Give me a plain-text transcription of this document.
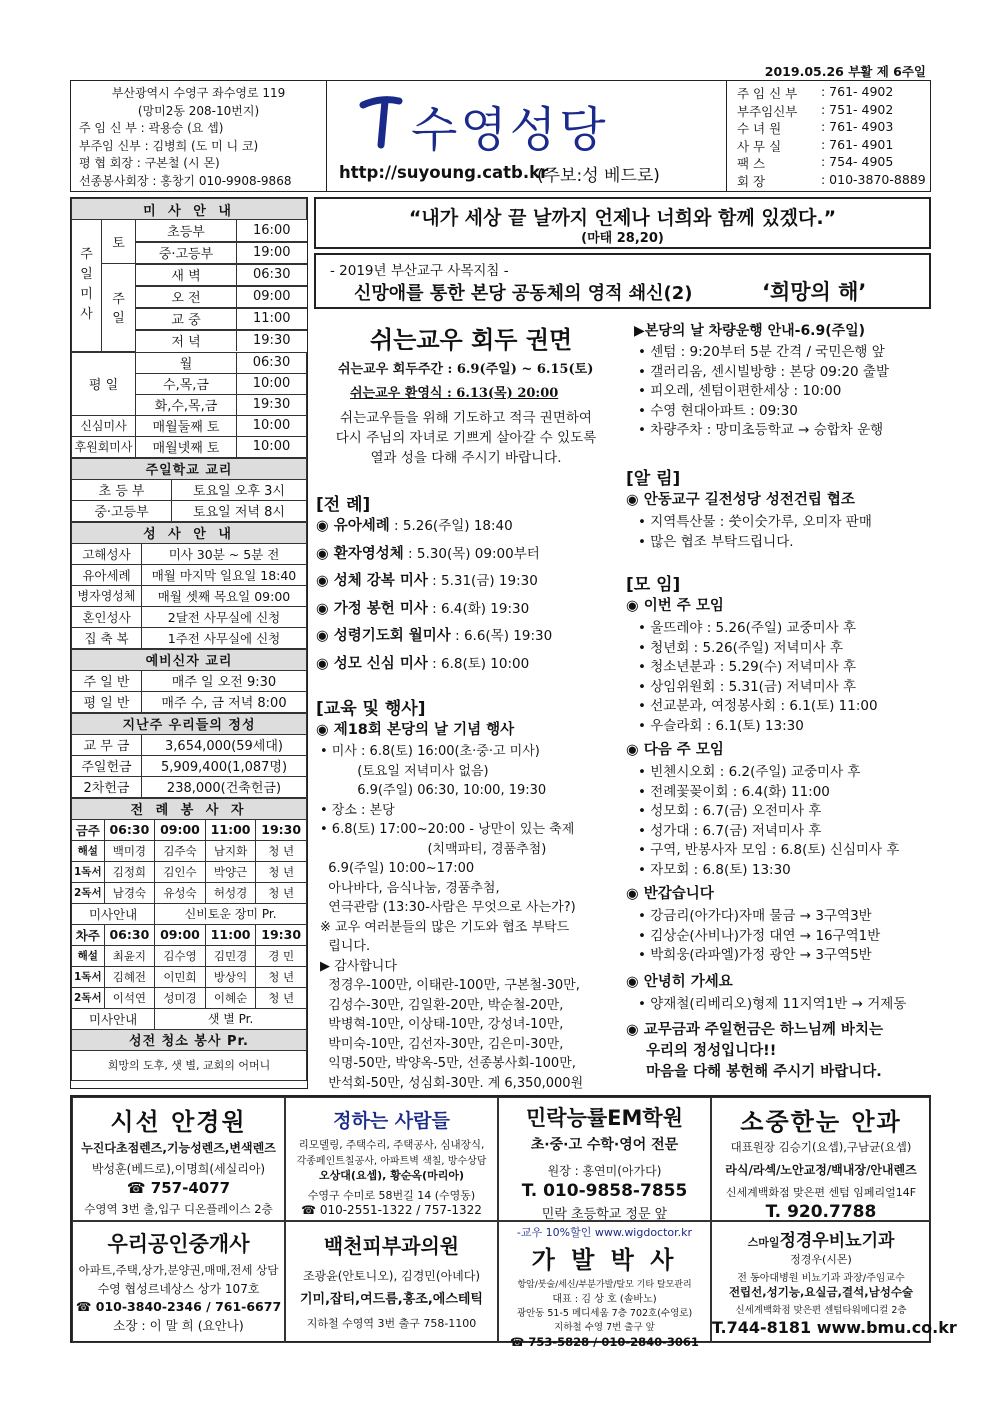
2019.05.26 부활 제 6주일
부산광역시 수영구 좌수영로 119
(망미2동 208-10번지)
주 임 신 부 : 곽용승 (요 셉)
부주임 신부 : 김병희 (도 미 니 코)
평 협 회장 : 구본철 (시 몬)
선종봉사회장 : 홍창기 010-9908-9868
수영성당
http://suyoung.catb.kr
(주보:성 베드로)
주 임 신 부	: 761- 4902
부주임신부	: 751- 4902
수 녀 원	: 761- 4903
사 무 실	: 761- 4901
팩 스	: 754- 4905
회 장	: 010-3870-8889
미 사 안 내

주일미사
	토	
초등부	16:00

중·고등부	19:00

주일

새 벽	06:30

오 전	09:00

교 중	11:00

저 녁	19:30
평 일	월	06:30
	수,목,금	10:00
	화,수,목,금	19:30
신심미사	매월둘째 토	10:00
후원회미사	매월넷째 토	10:00
주일학교 교리	
초 등 부	토요일 오후 3시
중·고등부	토요일 저녁 8시
성 사 안 내	
고해성사	미사 30분 ~ 5분 전
유아세례	매월 마지막 일요일 18:40
병자영성체	매월 셋째 목요일 09:00
혼인성사	2달전 사무실에 신청
집 축 복	1주전 사무실에 신청
예비신자 교리	
주 일 반	매주 일 오전 9:30
평 일 반	매주 수, 금 저녁 8:00
지난주 우리들의 정성	
교 무 금	3,654,000(59세대)
주일헌금	5,909,400(1,087명)
2차헌금	238,000(건축헌금)
전 례 봉 사 자				
금주	06:30	09:00	11:00	19:30
해설	백미경	김주숙	남지화	청 년
1독서	김정희	김인수	박양근	청 년
2독서	남경숙	유성숙	허성경	청 년
미사안내		신비토운 장미 Pr.		
차주	06:30	09:00	11:00	19:30
해설	최윤지	김수영	김민경	경 민
1독서	김혜전	이민희	방상익	청 년
2독서	이석연	성미경	이혜순	청 년
미사안내		샛 별 Pr.		
성전 청소 봉사 Pr.				
희망의 도후, 샛 별, 교회의 어머니				
“내가 세상 끝 날까지 언제나 너희와 함께 있겠다.”
(마태 28,20)
- 2019년 부산교구 사목지침 -
신망애를 통한 본당 공동체의 영적 쇄신(2)	‘희망의 해’
쉬는교우 회두 권면
쉬는교우 회두주간 : 6.9(주일) ~ 6.15(토)
쉬는교우 환영식 : 6.13(목) 20:00
쉬는교우들을 위해 기도하고 적극 권면하여
다시 주님의 자녀로 기쁘게 살아갈 수 있도록
열과 성을 다해 주시기 바랍니다.
[전 례]
◉ 유아세례 : 5.26(주일) 18:40
◉ 환자영성체 : 5.30(목) 09:00부터
◉ 성체 강복 미사 : 5.31(금) 19:30
◉ 가정 봉헌 미사 : 6.4(화) 19:30
◉ 성령기도회 월미사 : 6.6(목) 19:30
◉ 성모 신심 미사 : 6.8(토) 10:00
[교육 및 행사]
◉ 제18회 본당의 날 기념 행사
• 미사 : 6.8(토) 16:00(초·중·고 미사)
(토요일 저녁미사 없음)
6.9(주일) 06:30, 10:00, 19:30
• 장소 : 본당
• 6.8(토) 17:00~20:00 - 낭만이 있는 축제
(치맥파티, 경품추첨)
6.9(주일) 10:00~17:00
아나바다, 음식나눔, 경품추첨,
연극관람 (13:30-사람은 무엇으로 사는가?)
※ 교우 여러분들의 많은 기도와 협조 부탁드
립니다.
▶ 감사합니다
정경우-100만, 이태란-100만, 구본철-30만,
김성수-30만, 김일환-20만, 박순철-20만,
박병혁-10만, 이상태-10만, 강성녀-10만,
박미숙-10만, 김선자-30만, 김은미-30만,
익명-50만, 박양옥-5만, 선종봉사회-100만,
반석회-50만, 성심회-30만. 계 6,350,000원
▶본당의 날 차량운행 안내-6.9(주일)
• 센텀 : 9:20부터 5분 간격 / 국민은행 앞
• 갤러리움, 센시빌방향 : 본당 09:20 출발
• 피오레, 센텀이편한세상 : 10:00
• 수영 현대아파트 : 09:30
• 차량주차 : 망미초등학교 → 승합차 운행
[알 림]
◉ 안동교구 길전성당 성전건립 협조
• 지역특산물 : 쑷이숫가루, 오미자 판매
• 많은 협조 부탁드립니다.
[모 임]
◉ 이번 주 모임
• 울뜨레야 : 5.26(주일) 교중미사 후
• 청년회 : 5.26(주일) 저녁미사 후
• 청소년분과 : 5.29(수) 저녁미사 후
• 상임위원회 : 5.31(금) 저녁미사 후
• 선교분과, 여정봉사회 : 6.1(토) 11:00
• 우슬라회 : 6.1(토) 13:30
◉ 다음 주 모임
• 빈첸시오회 : 6.2(주일) 교중미사 후
• 전례꽃꽂이회 : 6.4(화) 11:00
• 성모회 : 6.7(금) 오전미사 후
• 성가대 : 6.7(금) 저녁미사 후
• 구역, 반봉사자 모임 : 6.8(토) 신심미사 후
• 자모회 : 6.8(토) 13:30
◉ 반갑습니다
• 강금리(아가다)자매 물금 → 3구역3반
• 김상순(사비나)가정 대연 → 16구역1반
• 박희웅(라파엘)가정 광안 → 3구역5반
◉ 안녕히 가세요
• 양재철(리베리오)형제 11지역1반 → 거제동
◉ 교무금과 주일헌금은 하느님께 바치는
우리의 정성입니다!!
마음을 다해 봉헌해 주시기 바랍니다.
시선 안경원
누진다초점렌즈,기능성렌즈,변색렌즈
박성훈(베드로),이명희(세실리아)
☎ 757-4077
수영역 3번 출,입구 디온플레이스 2층
정하는 사람들
리모델링, 주택수리, 주택공사, 심내장식,
각종페인트칠공사, 아파트벽 색칠, 방수상담
오상대(요셉), 황순옥(마리아)
수영구 수미로 58번길 14 (수영동)
☎ 010-2551-1322 / 757-1322
민락능률EM학원
초·중·고 수학·영어 전문
원장 : 홍연미(아가다)
T. 010-9858-7855
민락 초등학교 정문 앞
소중한눈 안과
대표원장 김승기(요셉),구남균(요셉)
라식/라섹/노안교정/백내장/안내렌즈
신세계백화점 맞은편 센텀 임페리얼14F
T. 920.7788
우리공인중개사
아파트,주택,상가,분양권,매매,전세 상담
수영 협성르네상스 상가 107호
☎ 010-3840-2346 / 761-6677
소장 : 이 말 희 (요안나)
백천피부과의원
조광윤(안토니오), 김경민(아녜다)
기미,잡티,여드름,홍조,에스테틱
지하철 수영역 3번 출구 758-1100
-교우 10%할인 www.wigdoctor.kr
가 발 박 사
항암/붓술/세신/부분가발/탈모 기타 탈모관리
대표 : 김 상 호 (솔바노)
광안동 51-5 메디세움 7층 702호(수영로)
지하철 수영 7번 출구 앞
☎ 753-5828 / 010-2840-3061
스마일정경우비뇨기과
정경우(시몬)
전 동아대병원 비뇨기과 과장/주임교수
전립선,성기능,요실금,결석,남성수술
신세계백화점 맞은편 센텀타워메디컬 2층
T.744-8181 www.bmu.co.kr
